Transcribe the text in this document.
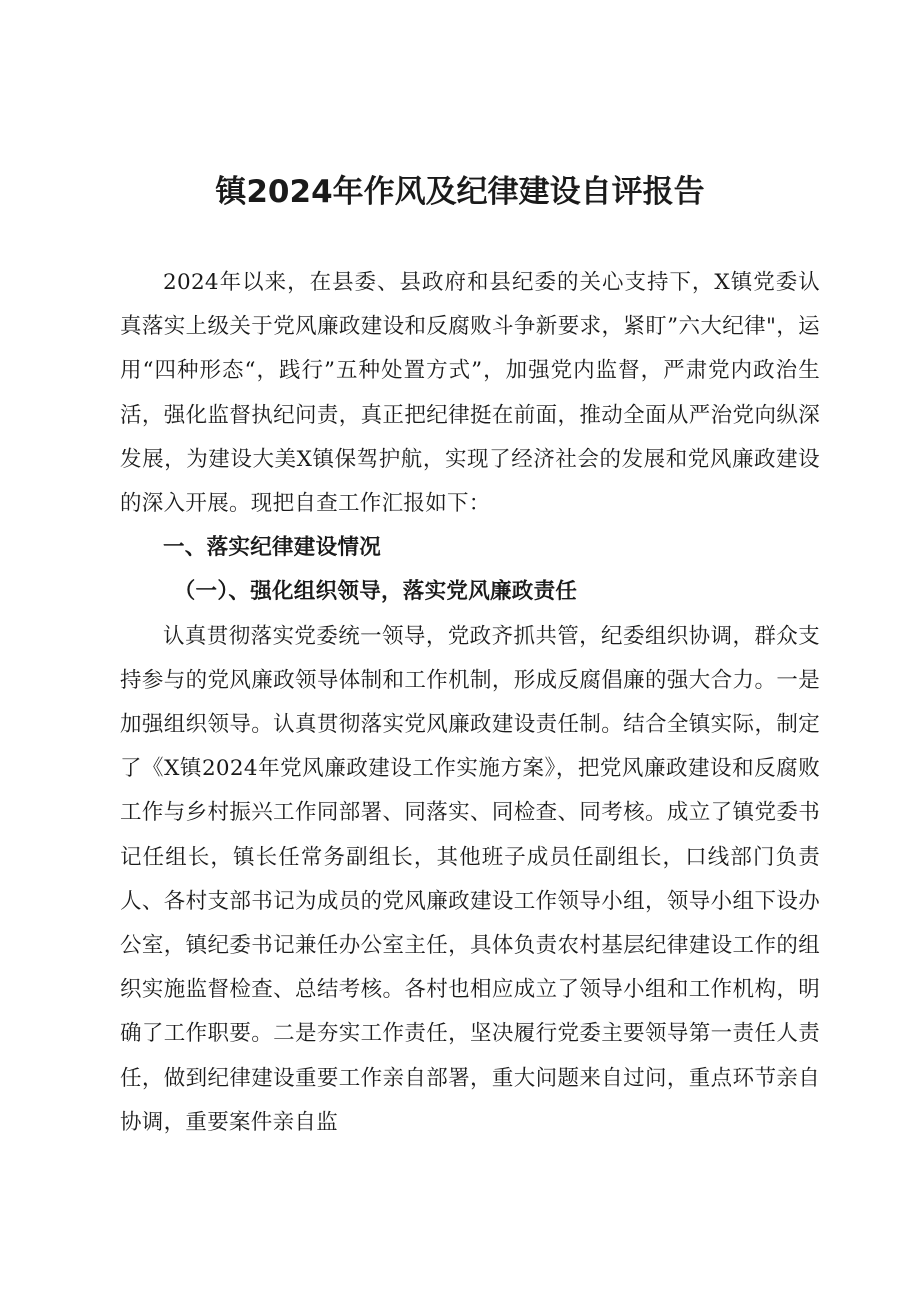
镇2024年作风及纪律建设自评报告

2024年以来，在县委、县政府和县纪委的关心支持下，X镇党委认真落实上级关于党风廉政建设和反腐败斗争新要求，紧盯”六大纪律"，运用“四种形态“，践行”五种处置方式”，加强党内监督，严肃党内政治生活，强化监督执纪问责，真正把纪律挺在前面，推动全面从严治党向纵深发展，为建设大美X镇保驾护航，实现了经济社会的发展和党风廉政建设的深入开展。现把自查工作汇报如下：

一、落实纪律建设情况

（一）、强化组织领导，落实党风廉政责任

认真贯彻落实党委统一领导，党政齐抓共管，纪委组织协调，群众支持参与的党风廉政领导体制和工作机制，形成反腐倡廉的强大合力。一是加强组织领导。认真贯彻落实党风廉政建设责任制。结合全镇实际，制定了《X镇2024年党风廉政建设工作实施方案》，把党风廉政建设和反腐败工作与乡村振兴工作同部署、同落实、同检查、同考核。成立了镇党委书记任组长，镇长任常务副组长，其他班子成员任副组长，口线部门负责人、各村支部书记为成员的党风廉政建设工作领导小组，领导小组下设办公室，镇纪委书记兼任办公室主任，具体负责农村基层纪律建设工作的组织实施监督检查、总结考核。各村也相应成立了领导小组和工作机构，明确了工作职要。二是夯实工作责任，坚决履行党委主要领导第一责任人责任，做到纪律建设重要工作亲自部署，重大问题来自过问，重点环节亲自协调，重要案件亲自监
